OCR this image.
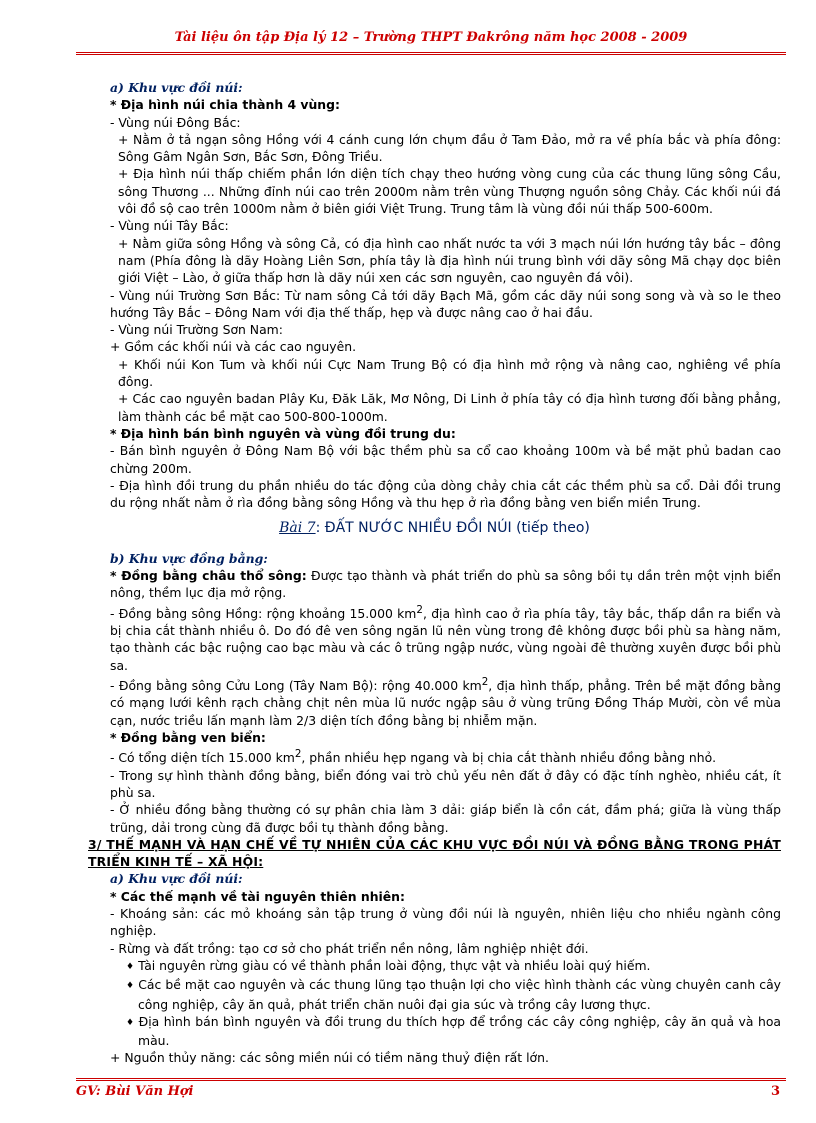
Tài liệu ôn tập Địa lý 12 – Trường THPT Đakrông năm học 2008 - 2009

a) Khu vực đồi núi:

* Địa hình núi chia thành 4 vùng:

- Vùng núi Đông Bắc:

+ Nằm ở tả ngạn sông Hồng với 4 cánh cung lớn chụm đầu ở Tam Đảo, mở ra về phía bắc và phía đông: Sông Gâm Ngân Sơn, Bắc Sơn, Đông Triều.

+ Địa hình núi thấp chiếm phần lớn diện tích chạy theo hướng vòng cung của các thung lũng sông Cầu, sông Thương ... Những đỉnh núi cao trên 2000m nằm trên vùng Thượng nguồn sông Chảy. Các khối núi đá vôi đồ sộ cao trên 1000m nằm ở biên giới Việt Trung. Trung tâm là vùng đồi núi thấp 500-600m.

- Vùng núi Tây Bắc:

+ Nằm giữa sông Hồng và sông Cả, có địa hình cao nhất nước ta với 3 mạch núi lớn hướng tây bắc – đông nam (Phía đông là dãy Hoàng Liên Sơn, phía tây là địa hình núi trung bình với dãy sông Mã chạy dọc biên giới Việt – Lào, ở giữa thấp hơn là dãy núi xen các sơn nguyên, cao nguyên đá vôi).

- Vùng núi Trường Sơn Bắc: Từ nam sông Cả tới dãy Bạch Mã, gồm các dãy núi song song và và so le theo hướng Tây Bắc – Đông Nam với địa thế thấp, hẹp và được nâng cao ở hai đầu.

- Vùng núi Trường Sơn Nam:

+ Gồm các khối núi và các cao nguyên.

+ Khối núi Kon Tum và khối núi Cực Nam Trung Bộ có địa hình mở rộng và nâng cao, nghiêng về phía đông.

+ Các cao nguyên badan Plây Ku, Đăk Lăk, Mơ Nông, Di Linh ở phía tây có địa hình tương đối bằng phẳng, làm thành các bề mặt cao 500-800-1000m.

* Địa hình bán bình nguyên và vùng đồi trung du:

- Bán bình nguyên ở Đông Nam Bộ với bậc thềm phù sa cổ cao khoảng 100m và bề mặt phủ badan cao chừng 200m.

- Địa hình đồi trung du phần nhiều do tác động của dòng chảy chia cắt các thềm phù sa cổ. Dải đồi trung du rộng nhất nằm ở rìa đồng bằng sông Hồng và thu hẹp ở rìa đồng bằng ven biển miền Trung.

Bài 7: ĐẤT NƯỚC NHIỀU ĐỒI NÚI (tiếp theo)

b) Khu vực đồng bằng:

* Đồng bằng châu thổ sông: Được tạo thành và phát triển do phù sa sông bồi tụ dần trên một vịnh biển nông, thềm lục địa mở rộng.

- Đồng bằng sông Hồng: rộng khoảng 15.000 $km^2$, địa hình cao ở rìa phía tây, tây bắc, thấp dần ra biển và bị chia cắt thành nhiều ô. Do đó đê ven sông ngăn lũ nên vùng trong đê không được bồi phù sa hàng năm, tạo thành các bậc ruộng cao bạc màu và các ô trũng ngập nước, vùng ngoài đê thường xuyên được bồi phù sa.

- Đồng bằng sông Cửu Long (Tây Nam Bộ): rộng 40.000 $km^2$, địa hình thấp, phẳng. Trên bề mặt đồng bằng có mạng lưới kênh rạch chằng chịt nên mùa lũ nước ngập sâu ở vùng trũng Đồng Tháp Mười, còn về mùa cạn, nước triều lấn mạnh làm 2/3 diện tích đồng bằng bị nhiễm mặn.

* Đồng bằng ven biển:

- Có tổng diện tích 15.000 $km^2$, phần nhiều hẹp ngang và bị chia cắt thành nhiều đồng bằng nhỏ.

- Trong sự hình thành đồng bằng, biển đóng vai trò chủ yếu nên đất ở đây có đặc tính nghèo, nhiều cát, ít phù sa.

- Ở nhiều đồng bằng thường có sự phân chia làm 3 dải: giáp biển là cồn cát, đầm phá; giữa là vùng thấp trũng, dải trong cùng đã được bồi tụ thành đồng bằng.

3/ THẾ MẠNH VÀ HẠN CHẾ VỀ TỰ NHIÊN CỦA CÁC KHU VỰC ĐỒI NÚI VÀ ĐỒNG BẰNG TRONG PHÁT TRIỂN KINH TẾ – XÃ HỘI:

a) Khu vực đồi núi:

* Các thế mạnh về tài nguyên thiên nhiên:

- Khoáng sản: các mỏ khoáng sản tập trung ở vùng đồi núi là nguyên, nhiên liệu cho nhiều ngành công nghiệp.

- Rừng và đất trồng: tạo cơ sở cho phát triển nền nông, lâm nghiệp nhiệt đới.

♦ Tài nguyên rừng giàu có về thành phần loài động, thực vật và nhiều loài quý hiếm.

♦ Các bề mặt cao nguyên và các thung lũng tạo thuận lợi cho việc hình thành các vùng chuyên canh cây công nghiệp, cây ăn quả, phát triển chăn nuôi đại gia súc và trồng cây lương thực.

♦ Địa hình bán bình nguyên và đồi trung du thích hợp để trồng các cây công nghiệp, cây ăn quả và hoa màu.

+ Nguồn thủy năng: các sông miền núi có tiềm năng thuỷ điện rất lớn.

GV: Bùi Văn Hợi	3
